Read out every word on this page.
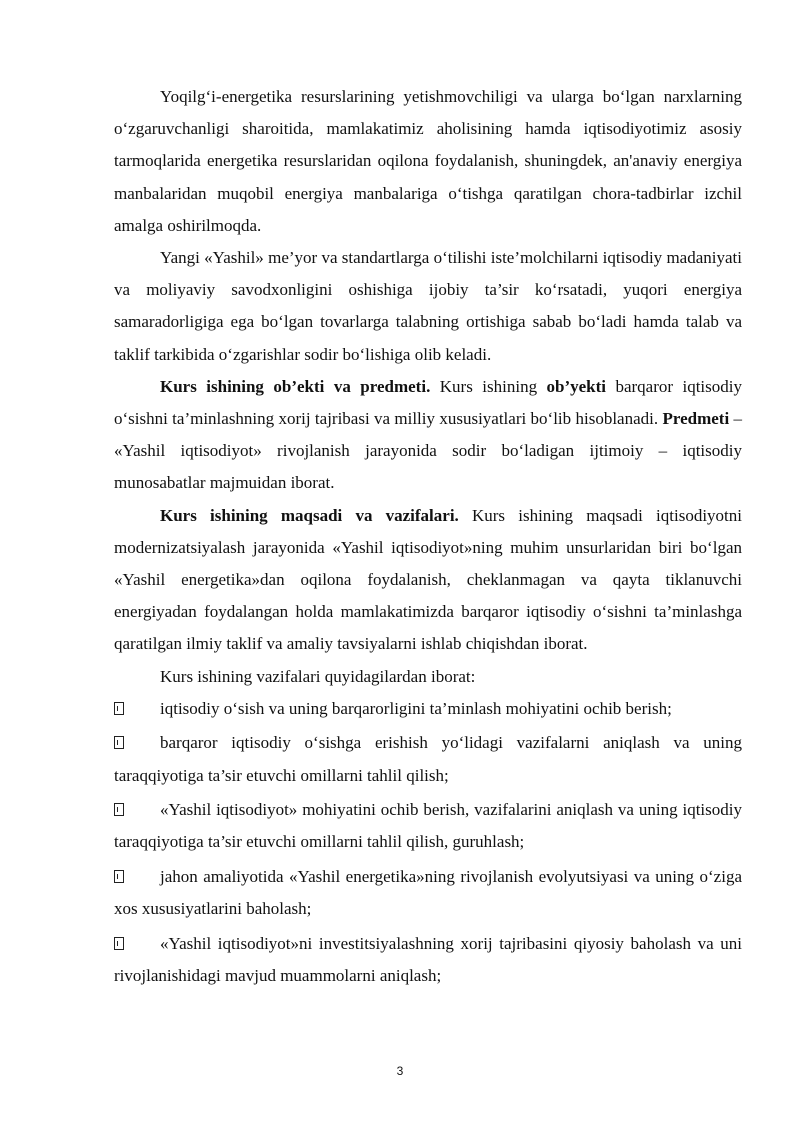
Yoqilg‘i-energetika resurslarining yetishmovchiligi va ularga bo‘lgan narxlarning o‘zgaruvchanligi sharoitida, mamlakatimiz aholisining hamda iqtisodiyotimiz asosiy tarmoqlarida energetika resurslaridan oqilona foydalanish, shuningdek, an'anaviy energiya manbalaridan muqobil energiya manbalariga o‘tishga qaratilgan chora-tadbirlar izchil amalga oshirilmoqda.

Yangi «Yashil» me’yor va standartlarga o‘tilishi iste’molchilarni iqtisodiy madaniyati va moliyaviy savodxonligini oshishiga ijobiy ta’sir ko‘rsatadi, yuqori energiya samaradorligiga ega bo‘lgan tovarlarga talabning ortishiga sabab bo‘ladi hamda talab va taklif tarkibida o‘zgarishlar sodir bo‘lishiga olib keladi.

Kurs ishining ob’ekti va predmeti. Kurs ishining ob’yekti barqaror iqtisodiy o‘sishni ta’minlashning xorij tajribasi va milliy xususiyatlari bo‘lib hisoblanadi. Predmeti – «Yashil iqtisodiyot» rivojlanish jarayonida sodir bo‘ladigan ijtimoiy – iqtisodiy munosabatlar majmuidan iborat.

Kurs ishining maqsadi va vazifalari. Kurs ishining maqsadi iqtisodiyotni modernizatsiyalash jarayonida «Yashil iqtisodiyot»ning muhim unsurlaridan biri bo‘lgan «Yashil energetika»dan oqilona foydalanish, cheklanmagan va qayta tiklanuvchi energiyadan foydalangan holda mamlakatimizda barqaror iqtisodiy o‘sishni ta’minlashga qaratilgan ilmiy taklif va amaliy tavsiyalarni ishlab chiqishdan iborat.

Kurs ishining vazifalari quyidagilardan iborat:

iqtisodiy o‘sish va uning barqarorligini ta’minlash mohiyatini ochib berish;
barqaror iqtisodiy o‘sishga erishish yo‘lidagi vazifalarni aniqlash va uning taraqqiyotiga ta’sir etuvchi omillarni tahlil qilish;
«Yashil iqtisodiyot» mohiyatini ochib berish, vazifalarini aniqlash va uning iqtisodiy taraqqiyotiga ta’sir etuvchi omillarni tahlil qilish, guruhlash;
jahon amaliyotida «Yashil energetika»ning rivojlanish evolyutsiyasi va uning o‘ziga xos xususiyatlarini baholash;
«Yashil iqtisodiyot»ni investitsiyalashning xorij tajribasini qiyosiy baholash va uni rivojlanishidagi mavjud muammolarni aniqlash;
3
